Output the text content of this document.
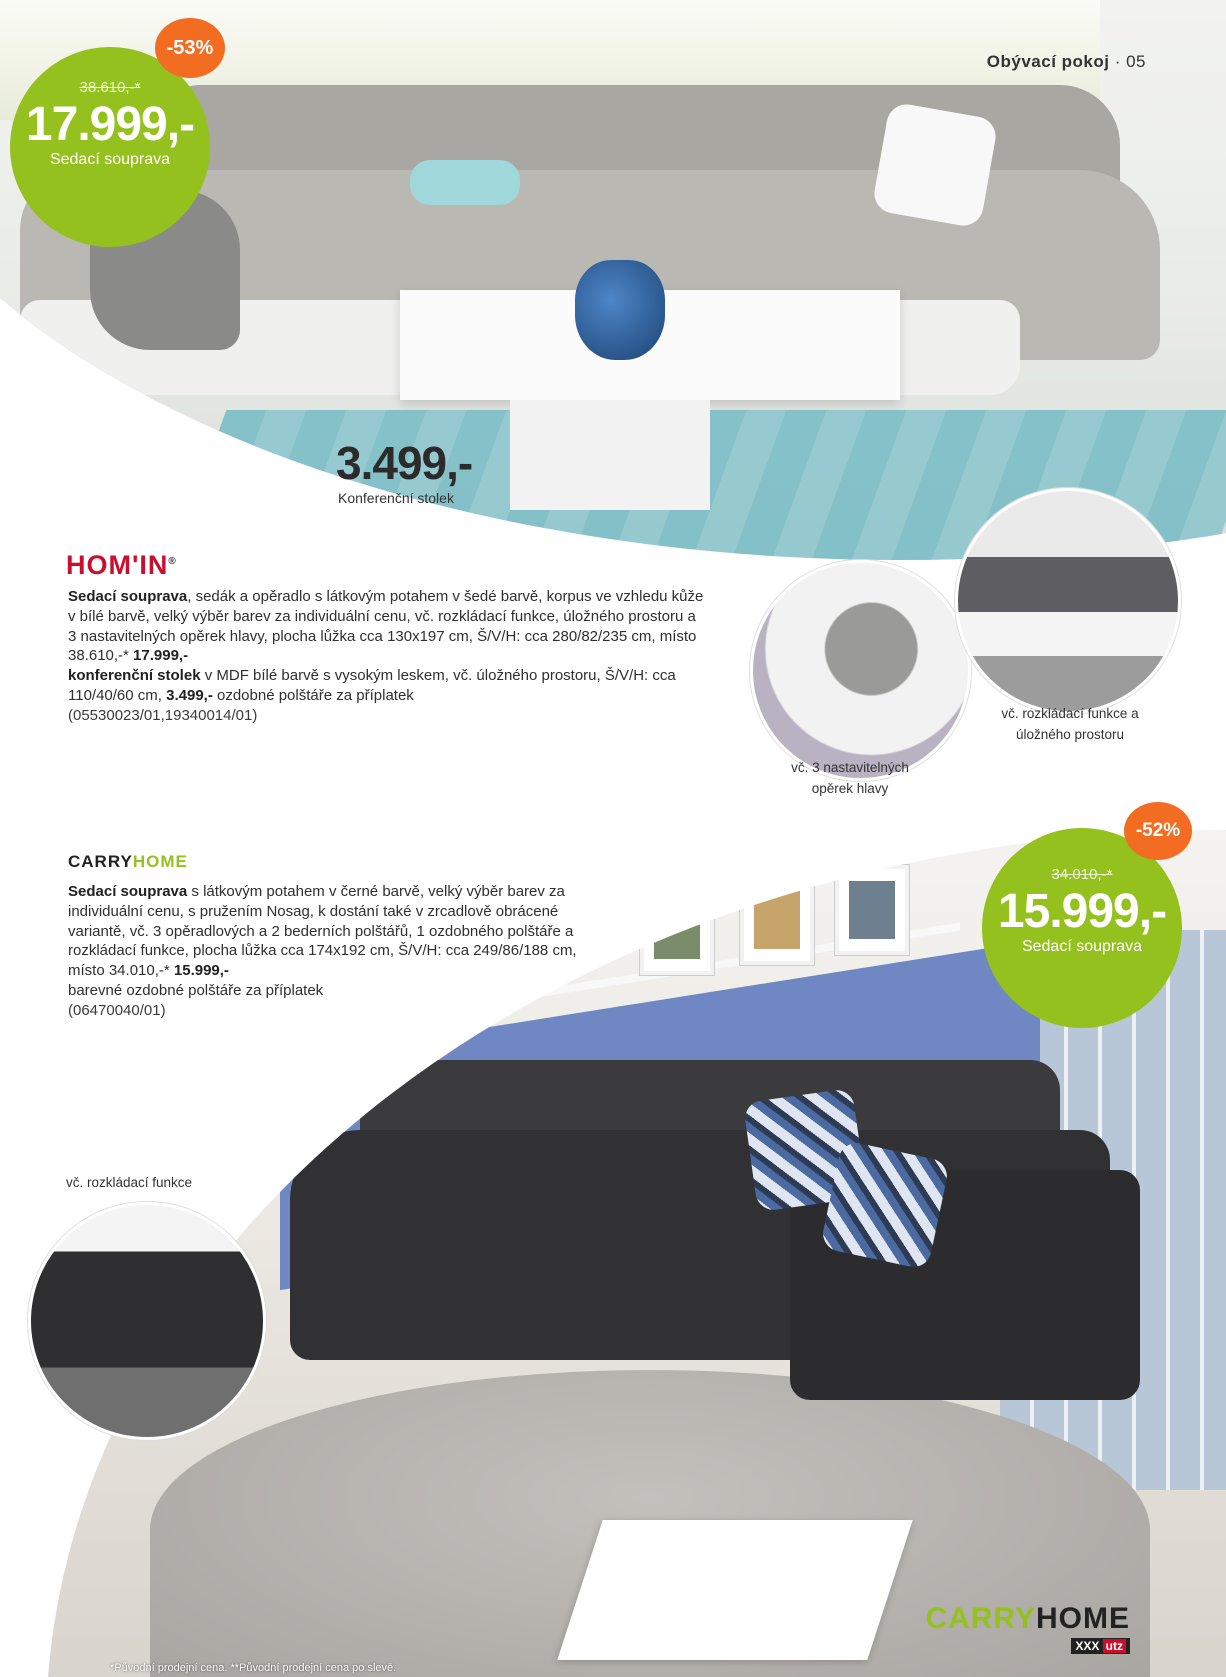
Obývací pokoj · 05
38.610,-*
17.999,-
Sedací souprava
-53%
3.499,-
Konferenční stolek
HOM'IN®
Sedací souprava, sedák a opěradlo s látkovým potahem v šedé barvě, korpus ve vzhledu kůže v bílé barvě, velký výběr barev za individuální cenu, vč. rozkládací funkce, úložného prostoru a 3 nastavitelných opěrek hlavy, plocha lůžka cca 130x197 cm, Š/V/H: cca 280/82/235 cm, místo 38.610,-* 17.999,-
konferenční stolek v MDF bílé barvě s vysokým leskem, vč. úložného prostoru, Š/V/H: cca 110/40/60 cm, 3.499,- ozdobné polštáře za příplatek
(05530023/01,19340014/01)
vč. 3 nastavitelných opěrek hlavy
vč. rozkládací funkce a úložného prostoru
CARRYHOME
Sedací souprava s látkovým potahem v černé barvě, velký výběr barev za individuální cenu, s pružením Nosag, k dostání také v zrcadlově obrácené variantě, vč. 3 opěradlových a 2 bederních polštářů, 1 ozdobného polštáře a rozkládací funkce, plocha lůžka cca 174x192 cm, Š/V/H: cca 249/86/188 cm, místo 34.010,-* 15.999,-
barevné ozdobné polštáře za příplatek
(06470040/01)
34.010,-*
15.999,-
Sedací souprava
-52%
vč. rozkládací funkce
CARRYHOME
XXX utz
*Původní prodejní cena. **Původní prodejní cena po slevě.
